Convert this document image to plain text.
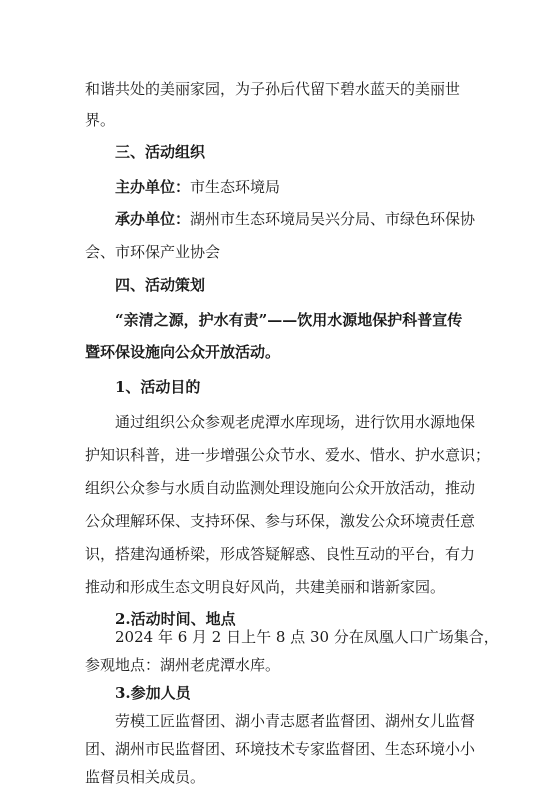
和谐共处的美丽家园，为子孙后代留下碧水蓝天的美丽世

界。

三、活动组织

主办单位： 市生态环境局

承办单位： 湖州市生态环境局吴兴分局、市绿色环保协

会、市环保产业协会

四、活动策划

“亲清之源，护水有责”——饮用水源地保护科普宣传

暨环保设施向公众开放活动。

1、活动目的

通过组织公众参观老虎潭水库现场，进行饮用水源地保

护知识科普，进一步增强公众节水、爱水、惜水、护水意识；

组织公众参与水质自动监测处理设施向公众开放活动，推动

公众理解环保、支持环保、参与环保，激发公众环境责任意

识，搭建沟通桥梁，形成答疑解惑、良性互动的平台，有力

推动和形成生态文明良好风尚，共建美丽和谐新家园。

2.活动时间、地点

2024 年 6 月 2 日上午 8 点 30 分在凤凰人口广场集合，

参观地点：湖州老虎潭水库。

3.参加人员

劳模工匠监督团、湖小青志愿者监督团、湖州女儿监督

团、湖州市民监督团、环境技术专家监督团、生态环境小小

监督员相关成员。
